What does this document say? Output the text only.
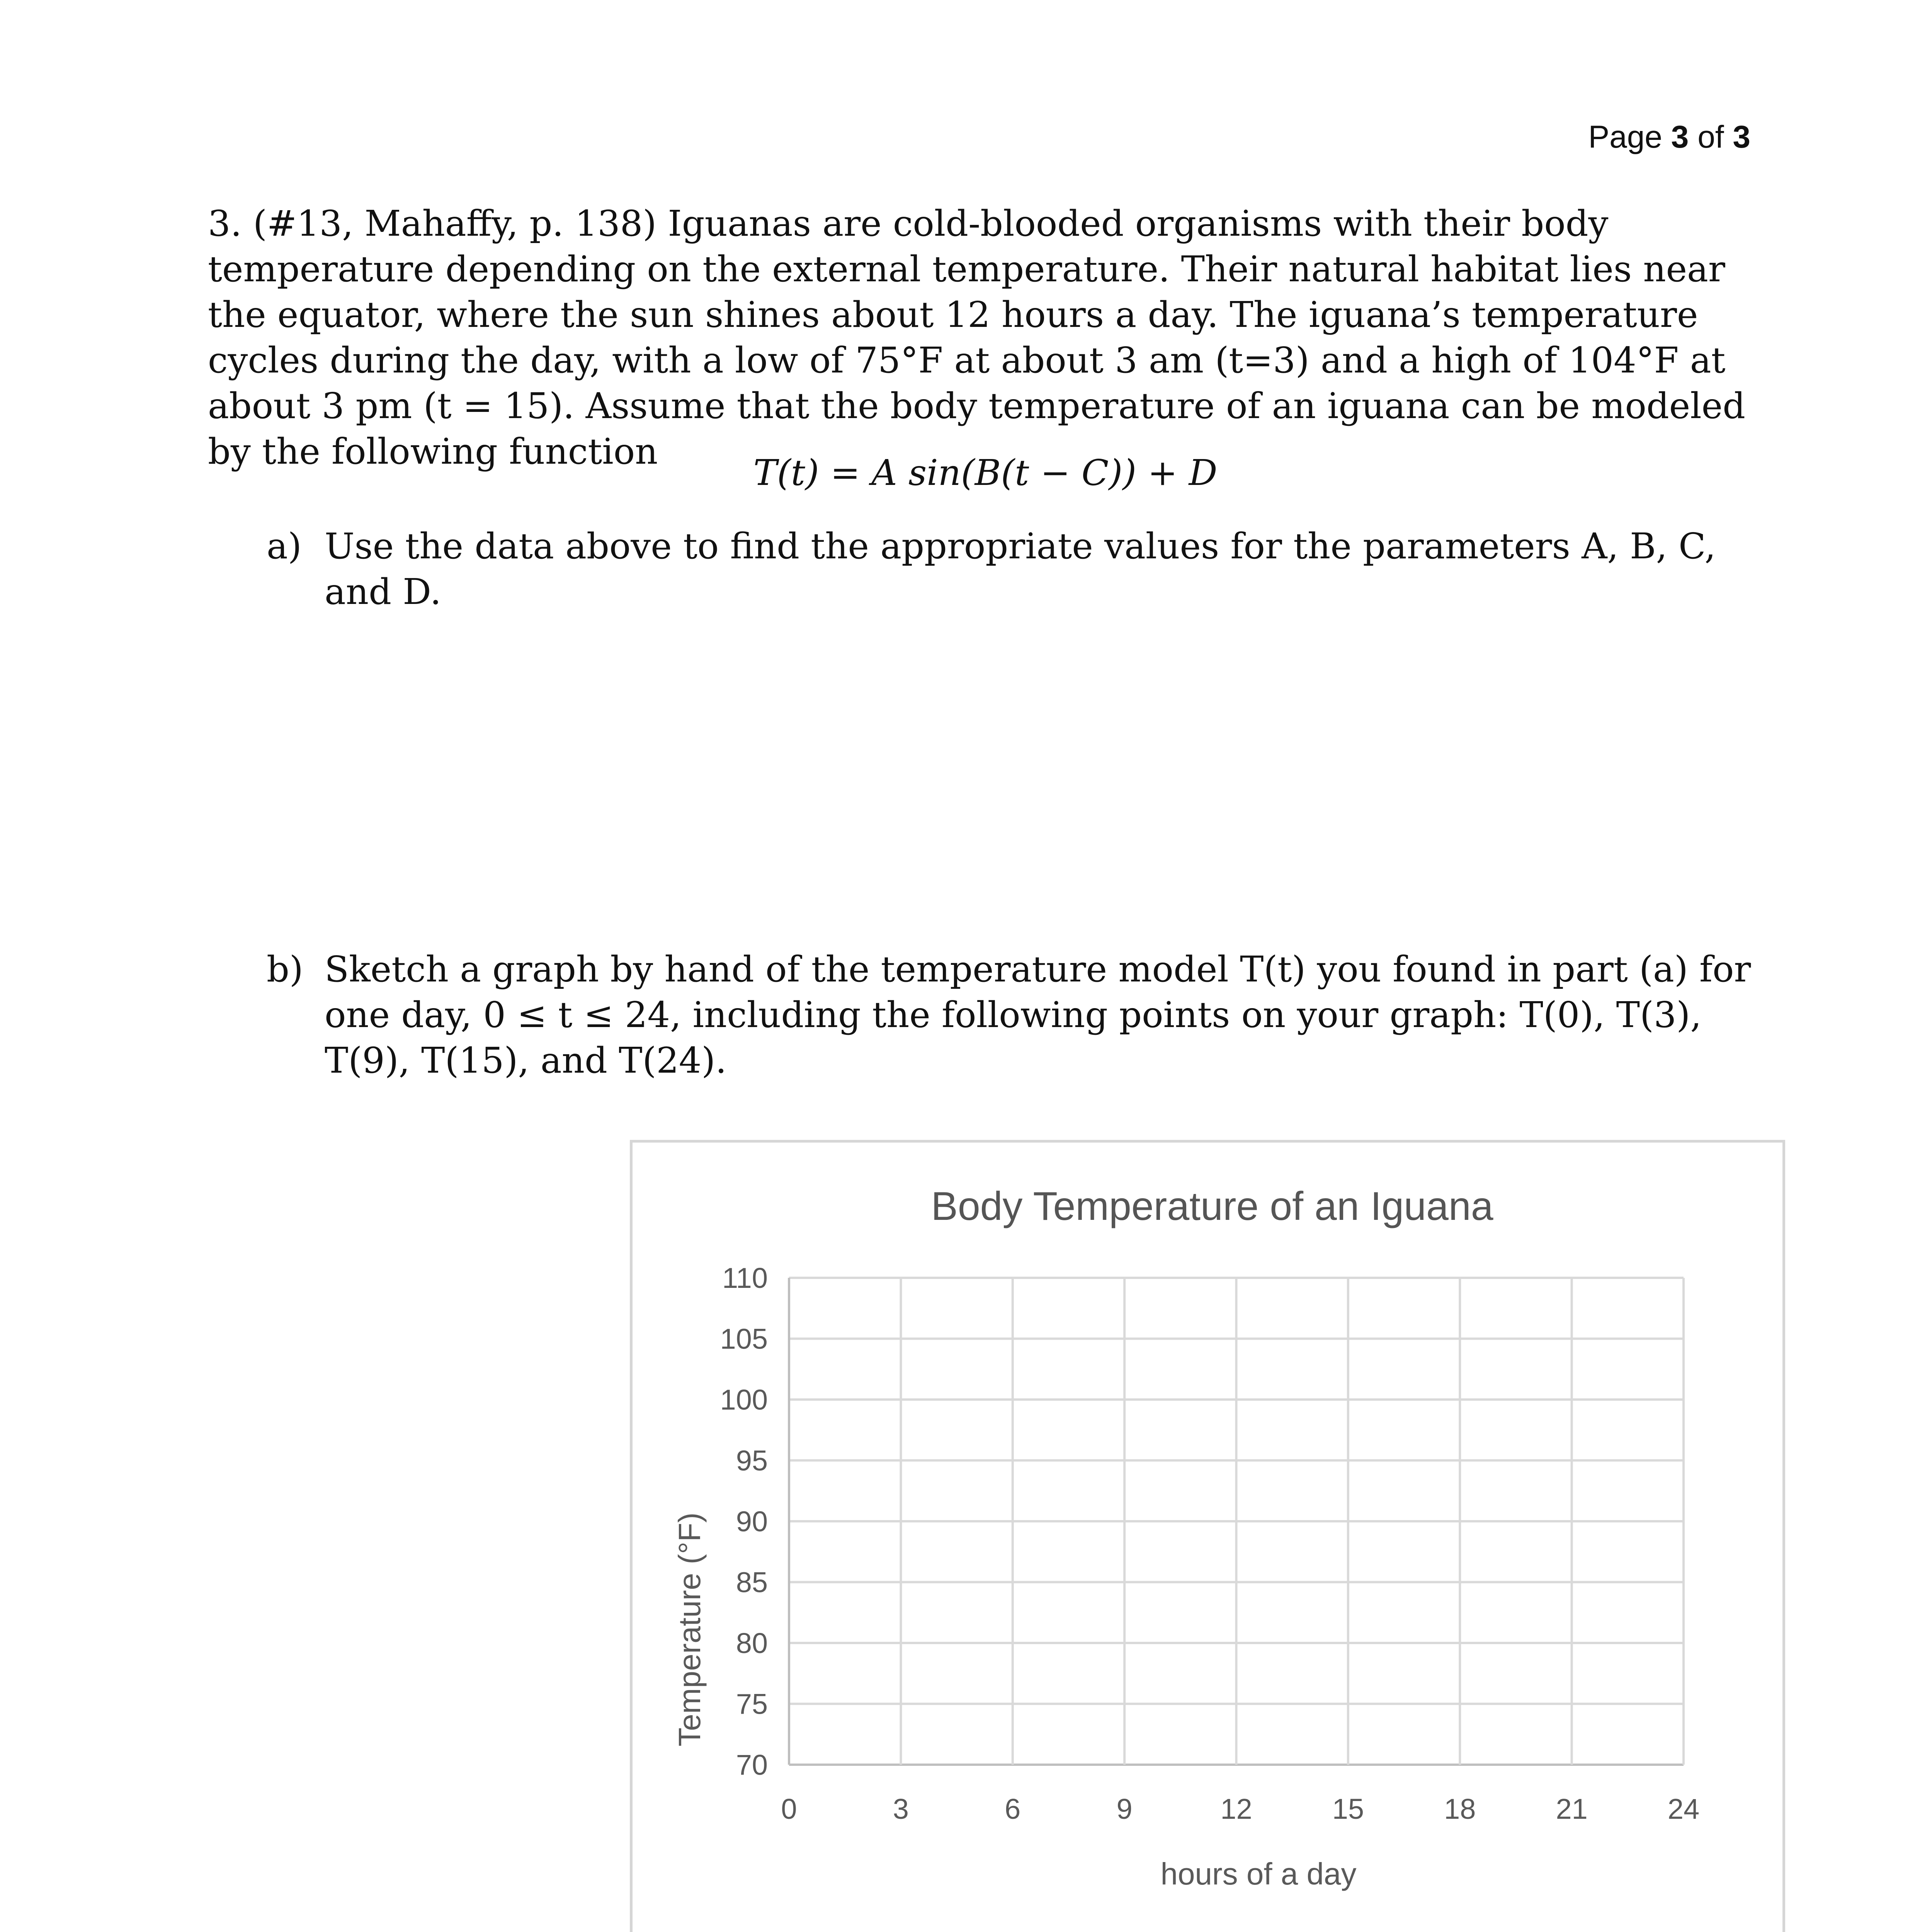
Page 3 of 3

3. (#13, Mahaffy, p. 138) Iguanas are cold-blooded organisms with their body temperature depending on the external temperature. Their natural habitat lies near the equator, where the sun shines about 12 hours a day. The iguana’s temperature cycles during the day, with a low of 75°F at about 3 am (t=3) and a high of 104°F at about 3 pm (t = 15). Assume that the body temperature of an iguana can be modeled by the following function

T(t) = A sin(B(t − C)) + D
a) Use the data above to find the appropriate values for the parameters A, B, C, and D.
b) Sketch a graph by hand of the temperature model T(t) you found in part (a) for one day, 0 ≤ t ≤ 24, including the following points on your graph: T(0), T(3), T(9), T(15), and T(24).
Body Temperature of an Iguana
70
75
80
85
90
95
100
105
110
0	3	6	9	12	15	18	21	24
hours of a day
Temperature (°F)
